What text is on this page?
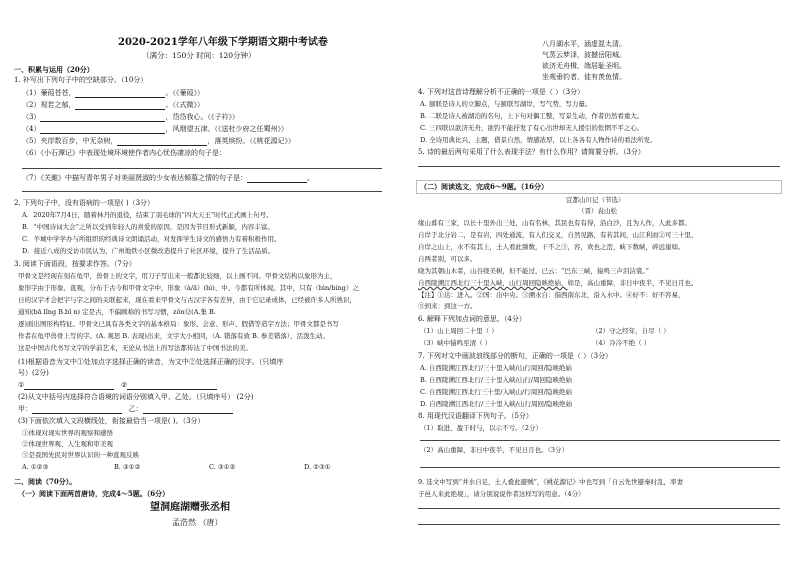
2020-2021学年八年级下学期语文期中考试卷
（满分：150分 时间：120分钟）
一、积累与运用（20分）
1. 补写出下列句子中的空缺部分。（10分）
（1）蒹葭苍苍，	。（《蒹葭》）
（2）视若之郁，	。（《式微》）
（3）	，岱岱我心。（《子衿》）
（4）	，风烟望五津。（《送杜少府之任蜀州》）
（5）夹岸数百步，中无杂树，	，落英缤纷。（《桃花源记》）
（6）《小石潭记》中表现处境环境使作者内心忧伤凄凉的句子是：
（7）《关雎》中描写青年男子对美丽贤淑的少女表达倾慕之情的句子是：	。
2. 下列句子中，没有语病的一项是( )（3分）
A．2020年7月4日，随着林丹的退役，结束了羽毛球的“四大天王”时代正式画上句号。
B．“中国诗词大会”之所以受到年轻人的喜爱的原因，是因为节目形式新颖，内容丰富。
C．羊城中学学办与所组织的经典诗文朗诵活动，对发挥学生诗文的感悟力有着积极作用。
D．接近八成的受访市民认为，广州地铁小区微改造提升了社区环境，提升了生活品质。
3. 阅读下面语段，按要求作答。（7分）
甲骨文是经现在刻在龟甲，兽骨上的文字，用刀子写出来一般都比较细，以上画不同。甲骨文结构以象形为主，
象形字由于形象、直观，分布于古今和甲骨文字中，形象（à/ā）(bì)、中、今都有所体现。其中，只有（bìn/bìng）之
日的汉字才会把字与字之间的关联起来，现在看来甲骨文与古汉字各有差异，由于它记录成体，已经被许多人所熟识，
通知(bā lǐng B.bǐ n) 定是古，不偏顾称的书写习惯，zōn⑫(A.集 B.
逐)面出图形构特征。甲骨文已具有各类文字的基本格局：象形、会意、形声、假借等造字方法；甲骨文都是书写
作者在龟甲兽骨上写的字。(A. 观思 B. 表现)出来，文字大小相同，（A. 错落有致 B. 参差错落），活泼生动。
这是中国古代书写文字的学前艺术，无论从书法上的写法都传达了中国书法的美。
(1)根据语音为文中①处加点字选择正确的读音，为文中②处选择正确的汉字。（只填序
号）(2分)
①	②
(2)从文中括号内选择符合语境的词语分别填入甲、乙处。（只填序号） (2分)
甲：	乙：
(3)下面依次填入文段横线处，衔接最恰当一项是( )。（3分）
①体现对现实世界的观察和感悟
②体现世界观、人生观和审美观
③是我国先民对世界认识的一种直观反映
A. ①②③	B. ③①②	C. ③①②	D. ②③①
二、阅读（70分）。
（一）阅读下面两首唐诗，完成4～5题。（6分）
望洞庭湖赠张丞相
孟浩然 （唐）
八月湖水平，涵虚混太清。
气蒸云梦泽，波撼岳阳城。
欲济无舟楫，端居耻圣明。
坐观垂钓者，徒有羡鱼情。
4. 下列对这首诗理解分析不正确的一项是（ ）（3分）
A. 颔联是诗人的立脚点，与颔联写湖岸，写气势，写力量。
B. 二联是诗人被湖泊的名句，上下句对偶工整，写景生动，作者仍然看重大。
C. 三四联以欲济无舟，欲钓不能抒发了有心出世却无人援引的怅惘不平之心。
D. 全诗用典比兴，主题，借景自然，情感浓厚，以上各各有人物作诗的看法所发。
5. 诗的最后两句采用了什么表现手法？有什么作用？请简要分析。（3分）
（二）阅读选文，完成6～9题。（16分）
宜都山川记（节选）
（晋）袁山松
缘山暮有三家，以长十里外出三处，山有名林，其民也有有得，沿白沙，且为人作，人此多都。
自岸于北分岩二，是有岩，四处通流，有人们交叉，自然见路，有若其间，山江利而②可三十里，
自岸之山上，水不有其上，土人看此频数，干不之③，容，欢也之峦，峡下数峡，碎远崖如。
自两者别，可以多。
晓为其朝山木者，山谷绕美树，但不能过，已云：“巴东三峡，猿鸣三声泪沾裳。”
自西陵溯江西北行三十里入峡，山行周回隐映绝始，如是，高山重障，非日中夜半，不见日月也。
【注】①达：进入。②国：出中央。③溯水自：指西南东北，沿入水中。④好不：好不容易，
⑤到来：到这一方。
6. 解释下列加点词的意思。（4分）
（1）山上周回二十里（ ）	（2）守之经年，自尽（ ）
（3）峡中猿鸣至清（ ）	（4）冷冷不绝（ ）
7. 下列对文中画波浪线部分的断句，正确的一项是（ ）（3分）
A. 自西陵溯江西北行/三十里入峡/山行周回/隐映绝始
B. 自西陵溯江西北行/三十里入峡/山行/周回隐映绝始
C. 自西陵溯江西北行三十里/入峡山/行周回/隐映绝始
D. 自西陵溯江西北行/三十里入峡/山行周回/隐映绝始
8. 用现代汉语翻译下列句子。（5分）
（1）取进，盈于时与，以示不亏。（2分）
（2）高山重障，非日中夜半，不见日月也。（3分）
9. 选文中写到“井水自足，土人叠此避贼”，《桃花源记》中也写到「自云先世避秦时乱，率妻
子邑人来此绝境」，请分别说说作者这样写的用意。（4分）
